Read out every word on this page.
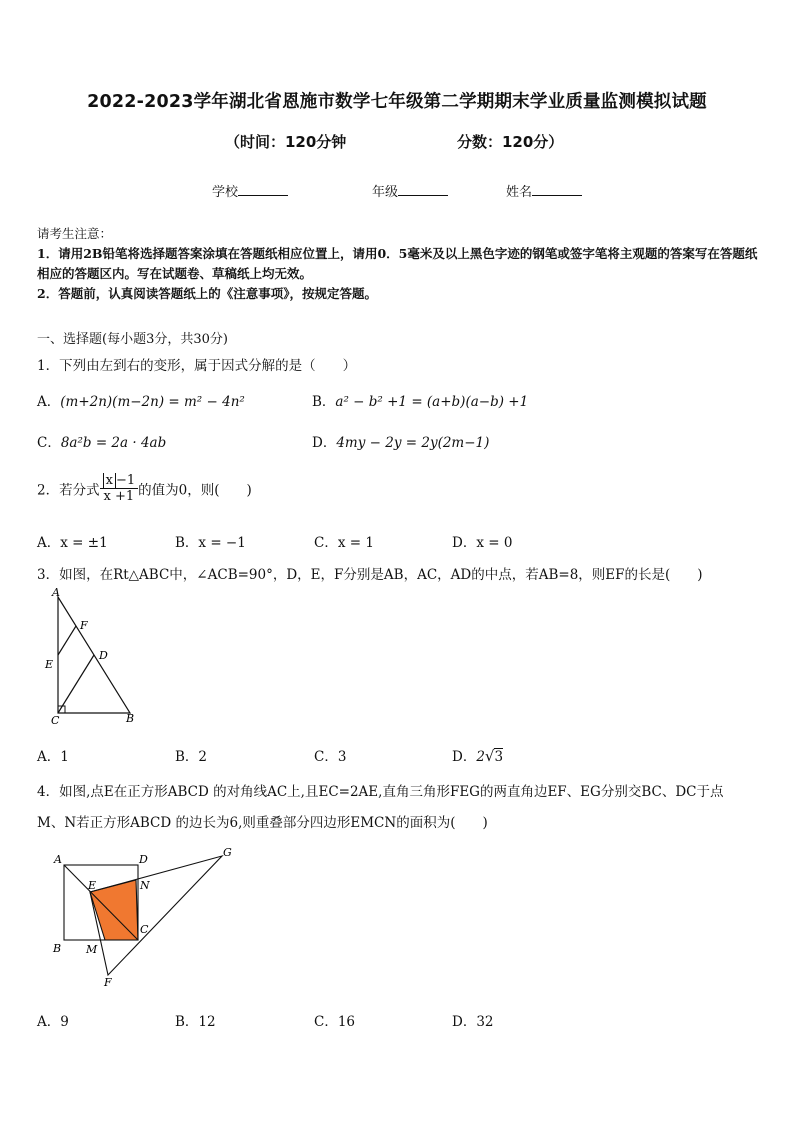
2022-2023学年湖北省恩施市数学七年级第二学期期末学业质量监测模拟试题
（时间：120分钟	分数：120分）
学校	年级	姓名
请考生注意：
1．请用2B铅笔将选择题答案涂填在答题纸相应位置上，请用0．5毫米及以上黑色字迹的钢笔或签字笔将主观题的答案写在答题纸相应的答题区内。写在试题卷、草稿纸上均无效。
2．答题前，认真阅读答题纸上的《注意事项》，按规定答题。
一、选择题(每小题3分，共30分)
1．下列由左到右的变形，属于因式分解的是（　　）
A．(m+2n)(m−2n) = m² − 4n²	B．a² − b² +1 = (a+b)(a−b) +1
C．8a²b = 2a · 4ab	D．4my − 2y = 2y(2m−1)
2．若分式 $\frac{x -1}{x +1}$ 的值为0，则(　　)
A．x = ±1	B．x = −1	C．x = 1	D．x = 0
3．如图，在Rt△ABC中，∠ACB=90°，D，E，F分别是AB，AC，AD的中点，若AB=8，则EF的长是(　　)
A
F
E
D
C	B
A．1	B．2	C．3	D．2√3
4．如图,点E在正方形ABCD 的对角线AC上,且EC=2AE,直角三角形FEG的两直角边EF、EG分别交BC、DC于点
M、N若正方形ABCD 的边长为6,则重叠部分四边形EMCN的面积为(　　)
A	D
E	N
G
C
B M
F
A．9	B．12	C．16	D．32
